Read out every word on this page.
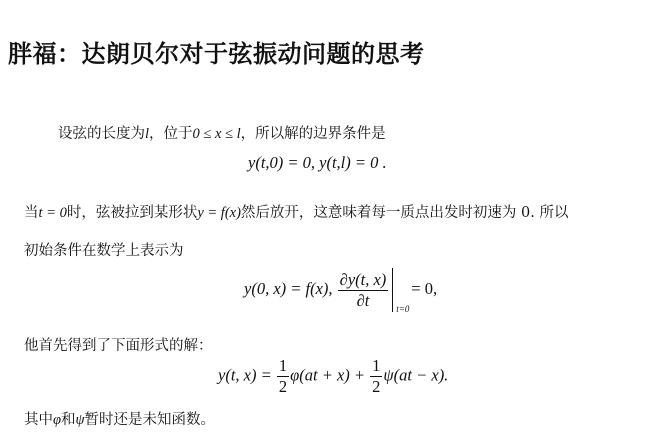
胖福：达朗贝尔对于弦振动问题的思考
设弦的长度为l，位于0 ≤ x ≤ l，所以解的边界条件是
y(t,0) = 0, y(t,l) = 0 .
当t = 0时，弦被拉到某形状y = f(x)然后放开，这意味着每一质点出发时初速为 0. 所以
初始条件在数学上表示为
y(0, x) = f(x), $\frac{\partial y(t, x)}{\partial t} t=0$
= 0,
他首先得到了下面形式的解：
y(t, $x) = \frac{1}{2} \varphi(at + x) + \frac{1}{2} \psi(at - x)$.
其中φ和ψ暂时还是未知函数。
